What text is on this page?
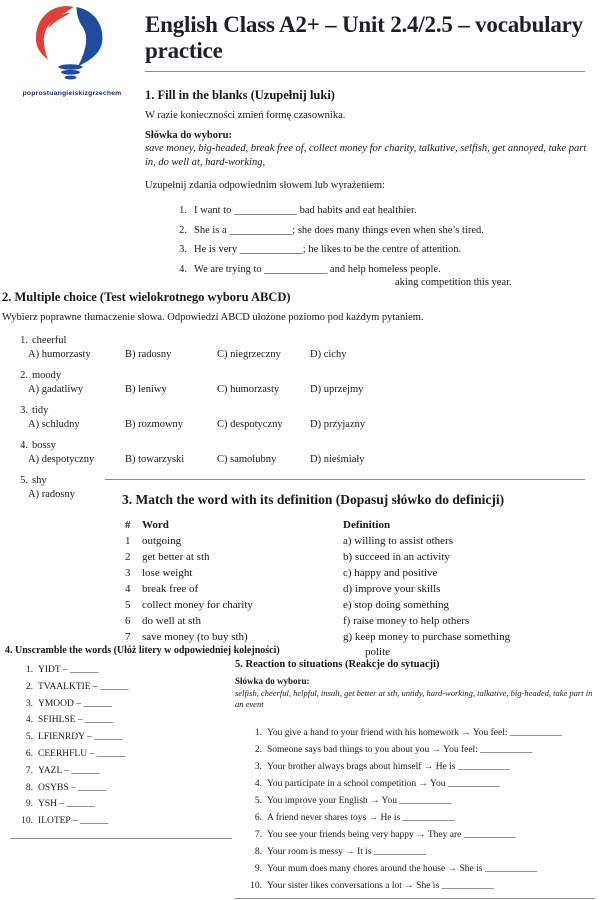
poprostuangielskizgrzechem
English Class A2+ – Unit 2.4/2.5 – vocabulary practice
1. Fill in the blanks (Uzupełnij luki)

W razie konieczności zmień formę czasownika.

Słówka do wyboru:

save money, big-headed, break free of, collect money for charity, talkative, selfish, get annoyed, take part in, do well at, hard-working,

Uzupełnij zdania odpowiednim słowem lub wyrażeniem:

1. I want to ____________ bad habits and eat healthier.
2. She is a ____________; she does many things even when she’s tired.
3. He is very ____________; he likes to be the centre of attention.
4. We are trying to ____________ and help homeless people.
aking competition this year.
2. Multiple choice (Test wielokrotnego wyboru ABCD)

Wybierz poprawne tłumaczenie słowa. Odpowiedzi ABCD ułożone poziomo pod każdym pytaniem.

1. cheerful
A) humorzasty	B) radosny	C) niegrzeczny	D) cichy
2. moody
A) gadatliwy	B) leniwy	C) humorzasty	D) uprzejmy
3. tidy
A) schludny	B) rozmowny	C) despotyczny	D) przyjazny
4. bossy
A) despotyczny	B) towarzyski	C) samolubny	D) nieśmiały
5. shy
A) radosny	3. Match the word with its definition (Dopasuj słówko do definicji)
#	Word	Definition
1	outgoing	a) willing to assist others
2	get better at sth	b) succeed in an activity
3	lose weight	c) happy and positive
4	break free of	d) improve your skills
5	collect money for charity	e) stop doing something
6	do well at sth	f) raise money to help others
7	save money (to buy sth)	g) keep money to purchase something
polite
4. Unscramble the words (Ułóż litery w odpowiedniej kolejności)
1. YIDT – ______
2. TVAALKTIE – ______
3. YMOOD – ______
4. SFIHLSE – ______
5. LFIENRDY – ______
6. CEERHFLU – ______
7. YAZL – ______
8. OSYBS – ______
9. YSH – ______
10. ILOTEP – ______
5. Reaction to situations (Reakcje do sytuacji)
Słówka do wyboru:
selfish, cheerful, helpful, insult, get better at sth, untidy, hard-working, talkative, big-headed, take part in an event
1. You give a hand to your friend with his homework → You feel: ___________
2. Someone says bad things to you about you → You feel: ___________
3. Your brother always brags about himself → He is ___________
4. You participate in a school competition → You ___________
5. You improve your English → You ___________
6. A friend never shares toys → He is ___________
7. You see your friends being very happy → They are ___________
8. Your room is messy → It is ___________
9. Your mum does many chores around the house → She is ___________
10. Your sister likes conversations a lot → She is ___________
